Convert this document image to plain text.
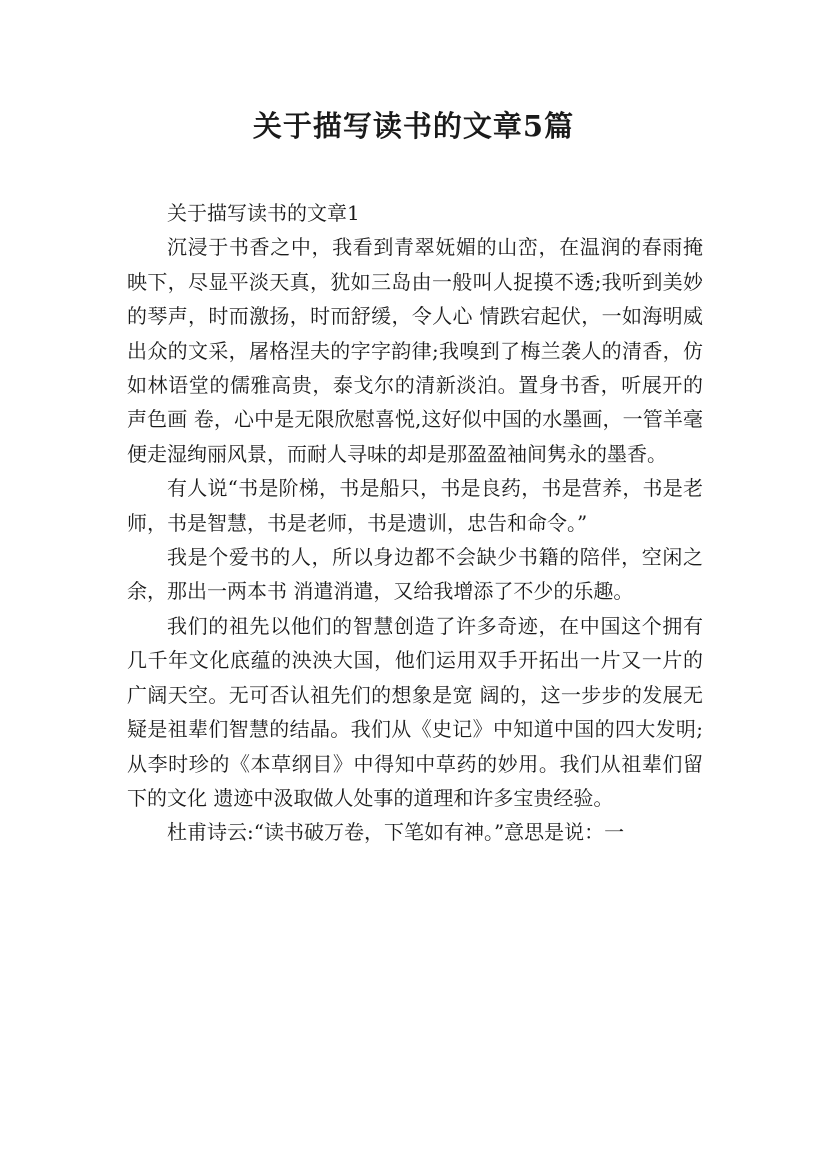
关于描写读书的文章5篇

关于描写读书的文章1

沉浸于书香之中，我看到青翠妩媚的山峦，在温润的春雨掩映下，尽显平淡天真，犹如三岛由一般叫人捉摸不透;我听到美妙的琴声，时而激扬，时而舒缓，令人心 情跌宕起伏，一如海明威出众的文采，屠格涅夫的字字韵律;我嗅到了梅兰袭人的清香，仿如林语堂的儒雅高贵，泰戈尔的清新淡泊。置身书香，听展开的声色画 卷，心中是无限欣慰喜悦,这好似中国的水墨画，一管羊毫便走湿绚丽风景，而耐人寻味的却是那盈盈袖间隽永的墨香。

有人说“书是阶梯，书是船只，书是良药，书是营养，书是老师，书是智慧，书是老师，书是遗训，忠告和命令。”

我是个爱书的人，所以身边都不会缺少书籍的陪伴，空闲之余，那出一两本书 消遣消遣，又给我增添了不少的乐趣。

我们的祖先以他们的智慧创造了许多奇迹，在中国这个拥有几千年文化底蕴的泱泱大国，他们运用双手开拓出一片又一片的广阔天空。无可否认祖先们的想象是宽 阔的，这一步步的发展无疑是祖辈们智慧的结晶。我们从《史记》中知道中国的四大发明;从李时珍的《本草纲目》中得知中草药的妙用。我们从祖辈们留下的文化 遗迹中汲取做人处事的道理和许多宝贵经验。

杜甫诗云:“读书破万卷，下笔如有神。”意思是说：一
